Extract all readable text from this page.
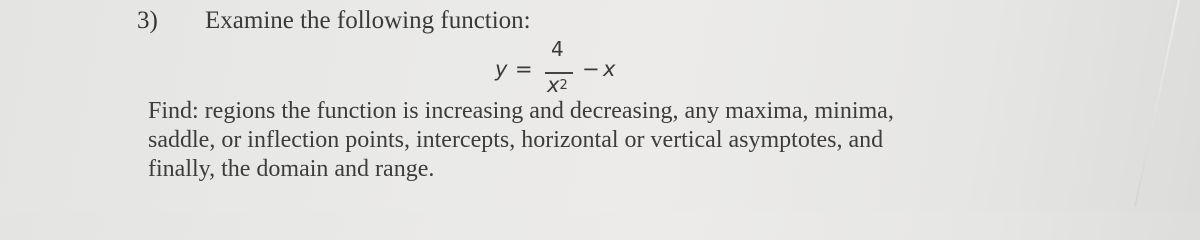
3) Examine the following function:
y =
4
$x^2$
− x
Find: regions the function is increasing and decreasing, any maxima, minima,
saddle, or inflection points, intercepts, horizontal or vertical asymptotes, and
finally, the domain and range.
